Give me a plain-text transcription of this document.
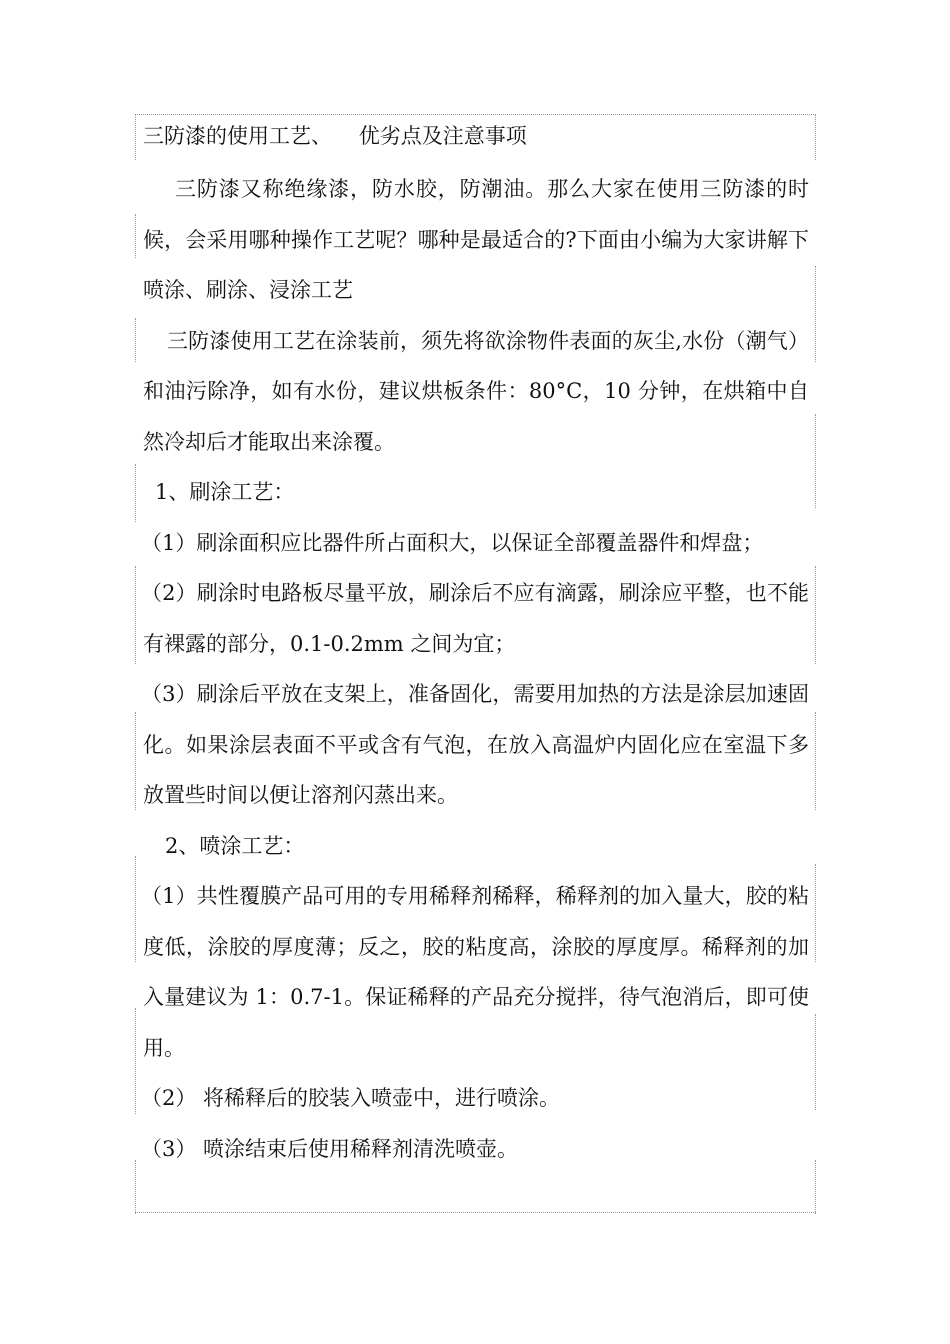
三防漆的使用工艺、    优劣点及注意事项

三防漆又称绝缘漆，防水胶，防潮油。那么大家在使用三防漆的时候，会采用哪种操作工艺呢？哪种是最适合的?下面由小编为大家讲解下喷涂、刷涂、浸涂工艺

三防漆使用工艺在涂装前，须先将欲涂物件表面的灰尘,水份（潮气）和油污除净，如有水份，建议烘板条件：80°C，10 分钟，在烘箱中自然冷却后才能取出来涂覆。

1、刷涂工艺：

（1）刷涂面积应比器件所占面积大，以保证全部覆盖器件和焊盘；

（2）刷涂时电路板尽量平放，刷涂后不应有滴露，刷涂应平整，也不能有裸露的部分，0.1-0.2mm 之间为宜；

（3）刷涂后平放在支架上，准备固化，需要用加热的方法是涂层加速固化。如果涂层表面不平或含有气泡，在放入高温炉内固化应在室温下多放置些时间以便让溶剂闪蒸出来。

2、喷涂工艺：

（1）共性覆膜产品可用的专用稀释剂稀释，稀释剂的加入量大，胶的粘度低，涂胶的厚度薄；反之，胶的粘度高，涂胶的厚度厚。稀释剂的加入量建议为 1：0.7-1。保证稀释的产品充分搅拌，待气泡消后，即可使用。

（2） 将稀释后的胶装入喷壶中，进行喷涂。

（3） 喷涂结束后使用稀释剂清洗喷壶。
